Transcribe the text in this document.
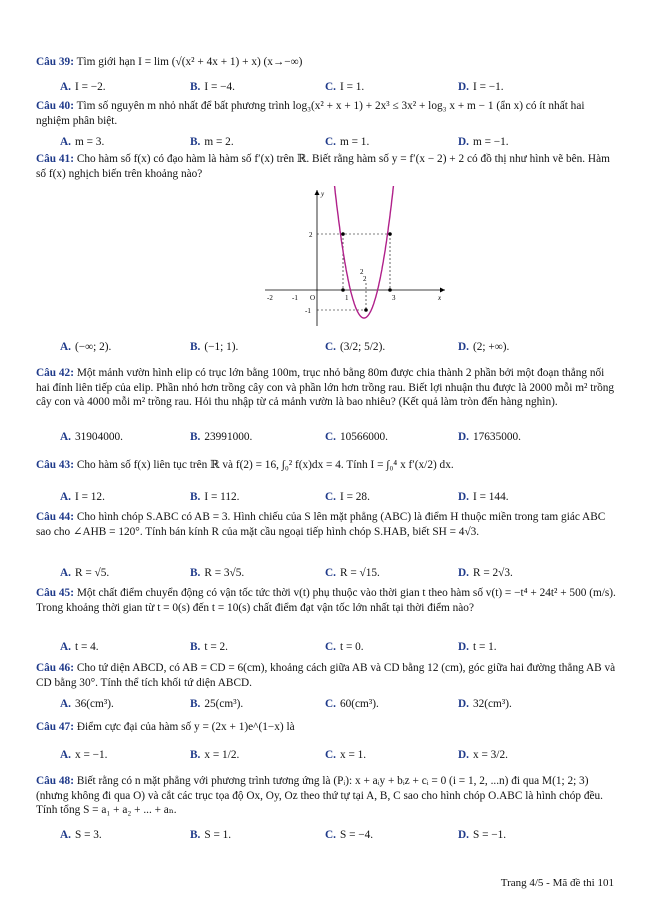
Câu 39: Tìm giới hạn I = lim (√(x² + 4x + 1) + x) (x→−∞)
A. I = −2.	B. I = −4.	C. I = 1.	D. I = −1.
Câu 40: Tìm số nguyên m nhỏ nhất để bất phương trình log₃(x² + x + 1) + 2x³ ≤ 3x² + log₃ x + m − 1 (ẩn x) có ít nhất hai nghiệm phân biệt.
A. m = 3.	B. m = 2.	C. m = 1.	D. m = −1.
Câu 41: Cho hàm số f(x) có đạo hàm là hàm số f′(x) trên ℝ. Biết rằng hàm số y = f′(x − 2) + 2 có đồ thị như hình vẽ bên. Hàm số f(x) nghịch biến trên khoảng nào?
-2	-1 O	1
2
3
2
-1
2
x
y
A. (−∞; 2).	B. (−1; 1).	C. (3/2; 5/2).	D. (2; +∞).
Câu 42: Một mảnh vườn hình elip có trục lớn bằng 100m, trục nhỏ bằng 80m được chia thành 2 phần bởi một đoạn thẳng nối hai đỉnh liên tiếp của elip. Phần nhỏ hơn trồng cây con và phần lớn hơn trồng rau. Biết lợi nhuận thu được là 2000 mỗi m² trồng cây con và 4000 mỗi m² trồng rau. Hỏi thu nhập từ cả mảnh vườn là bao nhiêu? (Kết quả làm tròn đến hàng nghìn).
A. 31904000.	B. 23991000.	C. 10566000.	D. 17635000.
Câu 43: Cho hàm số f(x) liên tục trên ℝ và f(2) = 16, ∫₀² f(x)dx = 4. Tính I = ∫₀⁴ x f′(x/2) dx.
A. I = 12.	B. I = 112.	C. I = 28.	D. I = 144.
Câu 44: Cho hình chóp S.ABC có AB = 3. Hình chiếu của S lên mặt phẳng (ABC) là điểm H thuộc miền trong tam giác ABC sao cho ∠AHB = 120°. Tính bán kính R của mặt cầu ngoại tiếp hình chóp S.HAB, biết SH = 4√3.
A. R = √5.	B. R = 3√5.	C. R = √15.	D. R = 2√3.
Câu 45: Một chất điểm chuyển động có vận tốc tức thời v(t) phụ thuộc vào thời gian t theo hàm số v(t) = −t⁴ + 24t² + 500 (m/s). Trong khoảng thời gian từ t = 0(s) đến t = 10(s) chất điểm đạt vận tốc lớn nhất tại thời điểm nào?
A. t = 4.	B. t = 2.	C. t = 0.	D. t = 1.
Câu 46: Cho tứ diện ABCD, có AB = CD = 6(cm), khoảng cách giữa AB và CD bằng 12 (cm), góc giữa hai đường thẳng AB và CD bằng 30°. Tính thể tích khối tứ diện ABCD.
A. 36(cm³).	B. 25(cm³).	C. 60(cm³).	D. 32(cm³).
Câu 47: Điểm cực đại của hàm số y = (2x + 1)e^(1−x) là
A. x = −1.	B. x = 1/2.	C. x = 1.	D. x = 3/2.
Câu 48: Biết rằng có n mặt phẳng với phương trình tương ứng là (Pᵢ): x + aᵢy + bᵢz + cᵢ = 0 (i = 1, 2, ...n) đi qua M(1; 2; 3) (nhưng không đi qua O) và cắt các trục tọa độ Ox, Oy, Oz theo thứ tự tại A, B, C sao cho hình chóp O.ABC là hình chóp đều. Tính tổng S = a₁ + a₂ + ... + aₙ.
A. S = 3.	B. S = 1.	C. S = −4.	D. S = −1.
Trang 4/5 - Mã đề thi 101
